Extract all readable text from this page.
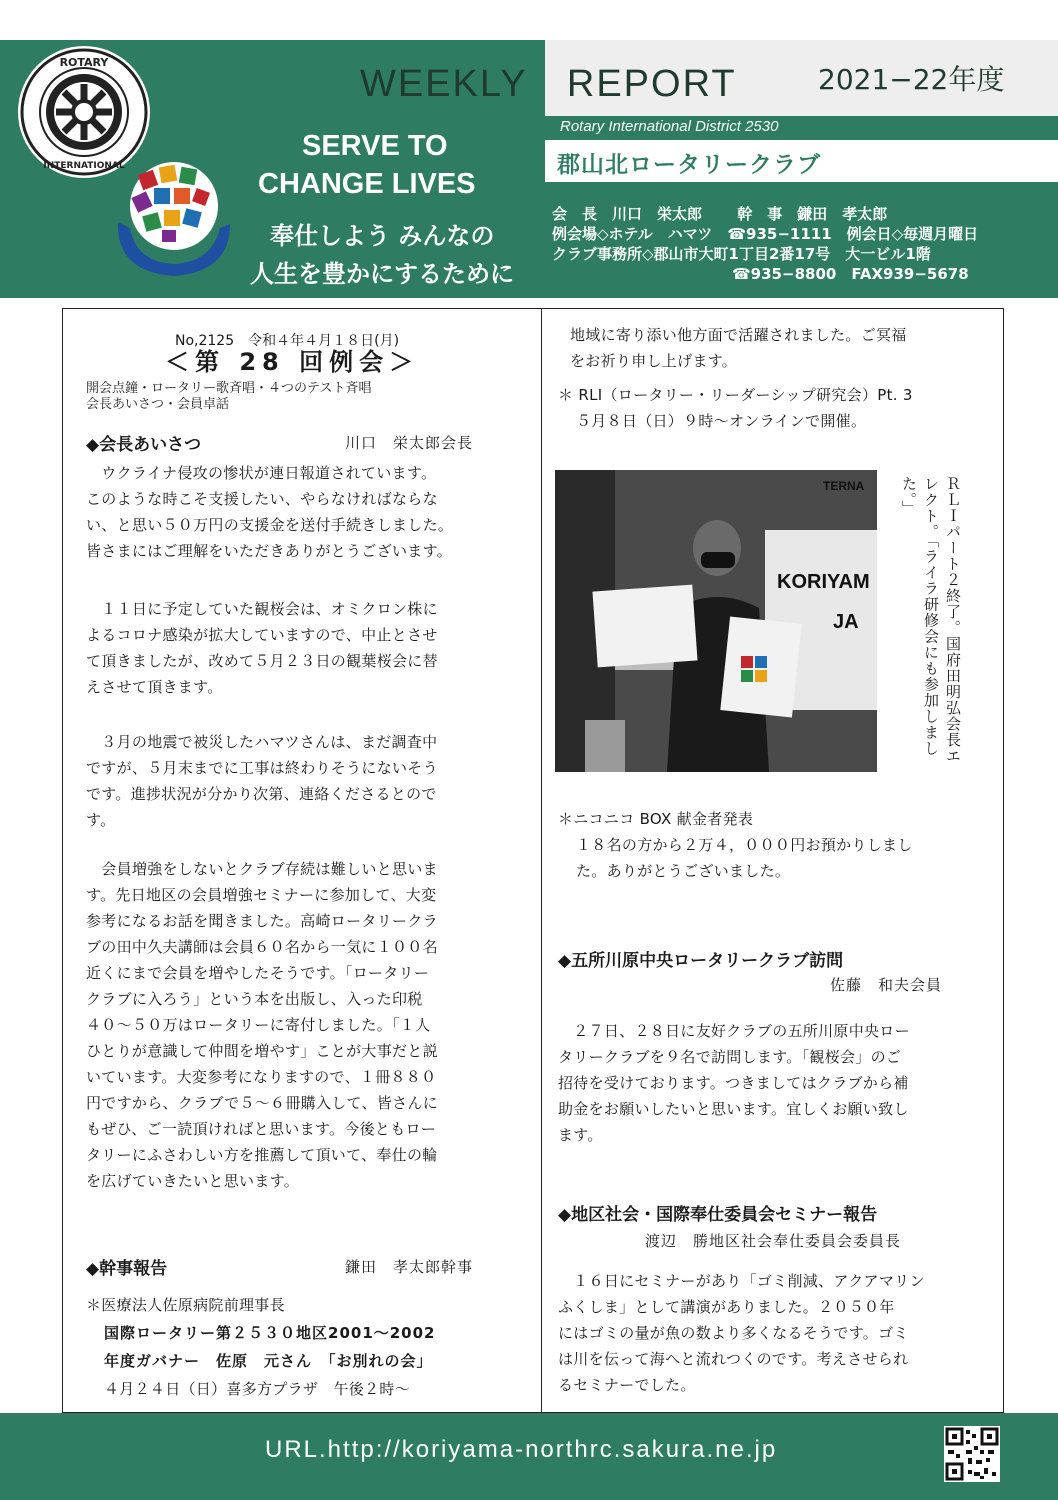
ROTARY
INTERNATIONAL
WEEKLY　REPORT	2021−22年度
Rotary International District 2530
郡山北ロータリークラブ
SERVE TO
CHANGE LIVES
奉仕しよう みんなの
人生を豊かにするために
会　長　川口　栄太郎　　 幹　事　鎌田　孝太郎
例会場◇ホテル　ハマツ　☎935−1111　例会日◇毎週月曜日
クラブ事務所◇郡山市大町1丁目2番17号　大一ビル1階
　　　　　　　　　　　　☎935−8800　FAX939−5678
No,2125　令和４年４月１８日(月)
＜第 28 回例会＞
開会点鐘・ロータリー歌斉唱・４つのテスト斉唱
会長あいさつ・会員卓話
◆会長あいさつ	川口　栄太郎会長
　ウクライナ侵攻の惨状が連日報道されています。
このような時こそ支援したい、やらなければならな
い、と思い５０万円の支援金を送付手続きしました。
皆さまにはご理解をいただきありがとうございます。
　１１日に予定していた観桜会は、オミクロン株に
よるコロナ感染が拡大していますので、中止とさせ
て頂きましたが、改めて５月２３日の観葉桜会に替
えさせて頂きます。
　３月の地震で被災したハマツさんは、まだ調査中
ですが、５月末までに工事は終わりそうにないそう
です。進捗状況が分かり次第、連絡くださるとので
す。
　会員増強をしないとクラブ存続は難しいと思いま
す。先日地区の会員増強セミナーに参加して、大変
参考になるお話を聞きました。高崎ロータリークラ
ブの田中久夫講師は会員６０名から一気に１００名
近くにまで会員を増やしたそうです。「ロータリー
クラブに入ろう」という本を出版し、入った印税
４０～５０万はロータリーに寄付しました。「１人
ひとりが意識して仲間を増やす」ことが大事だと説
いています。大変参考になりますので、１冊８８０
円ですから、クラブで５～６冊購入して、皆さんに
もぜひ、ご一読頂ければと思います。今後ともロー
タリーにふさわしい方を推薦して頂いて、奉仕の輪
を広げていきたいと思います。
◆幹事報告	鎌田　孝太郎幹事
＊医療法人佐原病院前理事長
国際ロータリー第２５３０地区2001～2002
年度ガバナー　佐原　元さん　「お別れの会」
４月２４日（日）喜多方プラザ　午後２時～
地域に寄り添い他方面で活躍されました。ご冥福
をお祈り申し上げます。
＊ RLI（ロータリー・リーダーシップ研究会）Pt. 3
５月８日（日）９時～オンラインで開催。
KORIYAM
JA
TERNA	ＲＬＩパート２終了。国府田明弘会長エレクト。「ライラ研修会にも参加しました。」
＊ニコニコ BOX 献金者発表
１８名の方から２万４，０００円お預かりしまし
た。ありがとうございました。
◆五所川原中央ロータリークラブ訪問
佐藤　和夫会員
　２７日、２８日に友好クラブの五所川原中央ロー
タリークラブを９名で訪問します。「観桜会」のご
招待を受けております。つきましてはクラブから補
助金をお願いしたいと思います。宜しくお願い致し
ます。
◆地区社会・国際奉仕委員会セミナー報告
渡辺　勝地区社会奉仕委員会委員長
　１６日にセミナーがあり「ゴミ削減、アクアマリン
ふくしま」として講演がありました。２０５０年
にはゴミの量が魚の数より多くなるそうです。ゴミ
は川を伝って海へと流れつくのです。考えさせられ
るセミナーでした。
URL.http://koriyama-northrc.sakura.ne.jp
